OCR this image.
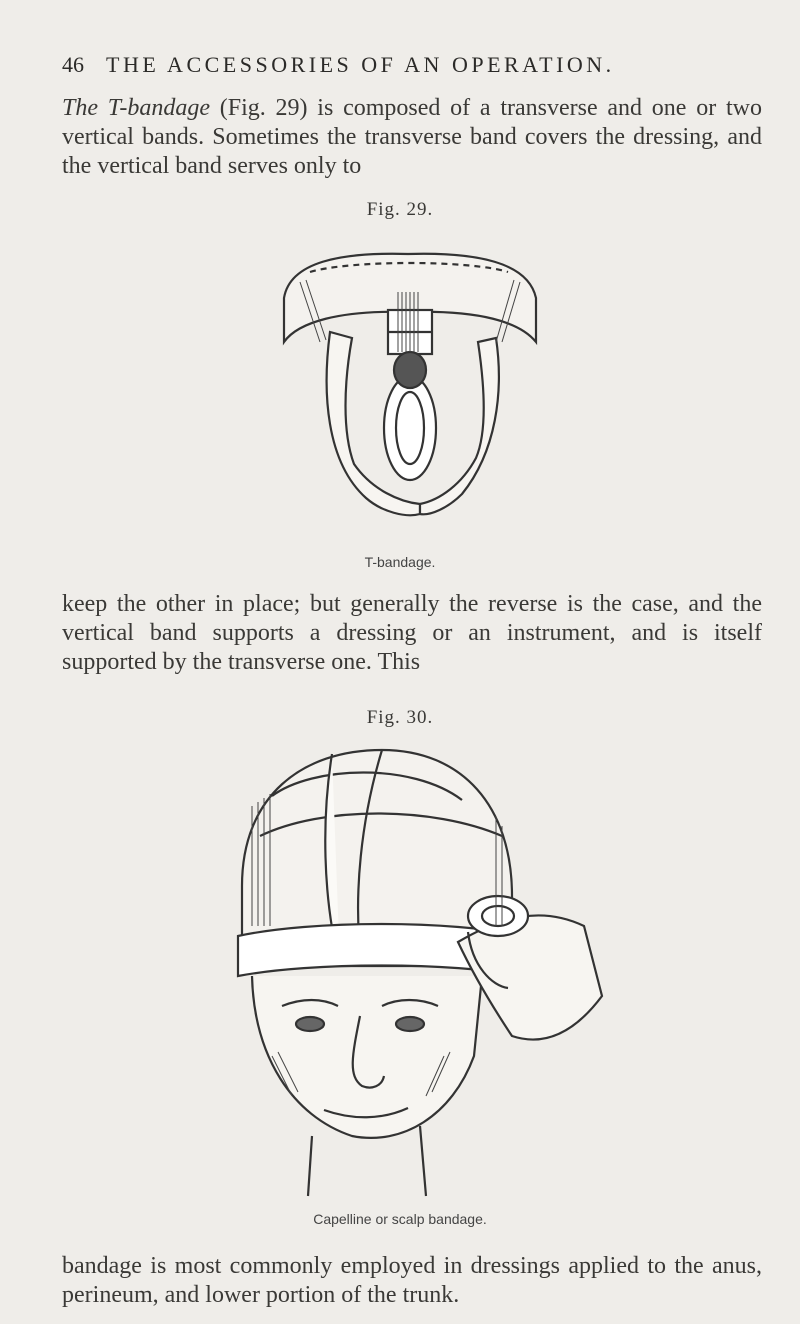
46 THE ACCESSORIES OF AN OPERATION.
The T-bandage (Fig. 29) is composed of a transverse and one or two vertical bands. Sometimes the transverse band covers the dressing, and the vertical band serves only to
Fig. 29.
T-bandage.
keep the other in place; but generally the reverse is the case, and the vertical band supports a dressing or an instrument, and is itself supported by the transverse one. This
Fig. 30.
Capelline or scalp bandage.
bandage is most commonly employed in dressings applied to the anus, perineum, and lower portion of the trunk.
